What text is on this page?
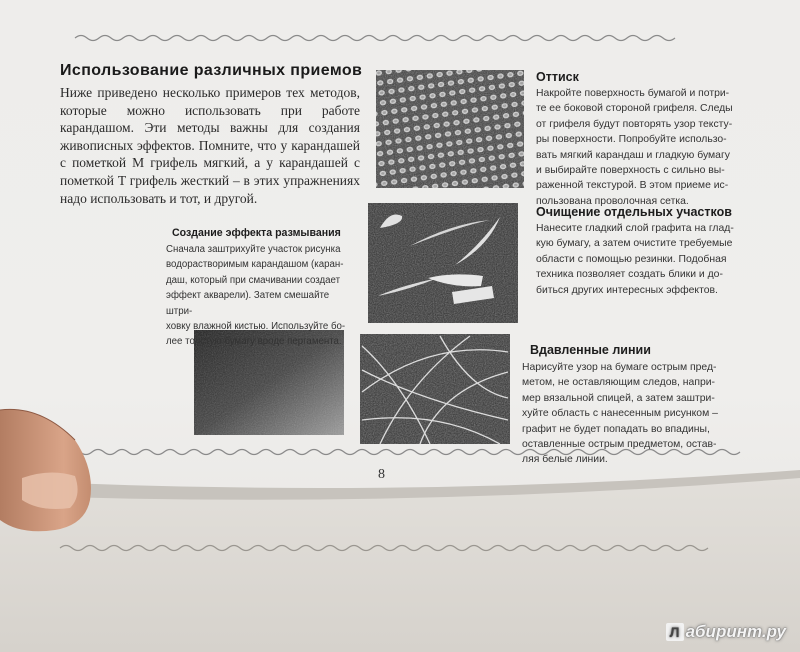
Использование различных приемов
Ниже приведено несколько примеров тех методов, которые можно использовать при работе карандашом. Эти методы важны для создания живописных эффектов. Помните, что у карандашей с пометкой M грифель мягкий, а у карандашей с пометкой T грифель жесткий – в этих упражнениях надо использовать и тот, и другой.
Создание эффекта размывания
Сначала заштрихуйте участок рисунка
водорастворимым карандашом (каран-
даш, который при смачивании создает
эффект акварели). Затем смешайте штри-
ховку влажной кистью. Используйте бо-
лее толстую бумагу вроде пергамента.
Оттиск
Накройте поверхность бумагой и потри-
те ее боковой стороной грифеля. Следы
от грифеля будут повторять узор тексту-
ры поверхности. Попробуйте использо-
вать мягкий карандаш и гладкую бумагу
и выбирайте поверхность с сильно вы-
раженной текстурой. В этом приеме ис-
пользована проволочная сетка.
Очищение отдельных участков
Нанесите гладкий слой графита на глад-
кую бумагу, а затем очистите требуемые
области с помощью резинки. Подобная
техника позволяет создать блики и до-
биться других интересных эффектов.
Вдавленные линии
Нарисуйте узор на бумаге острым пред-
метом, не оставляющим следов, напри-
мер вязальной спицей, а затем заштри-
хуйте область с нанесенным рисунком –
графит не будет попадать во впадины,
оставленные острым предметом, остав-
ляя белые линии.
8
Л абиринт.ру
